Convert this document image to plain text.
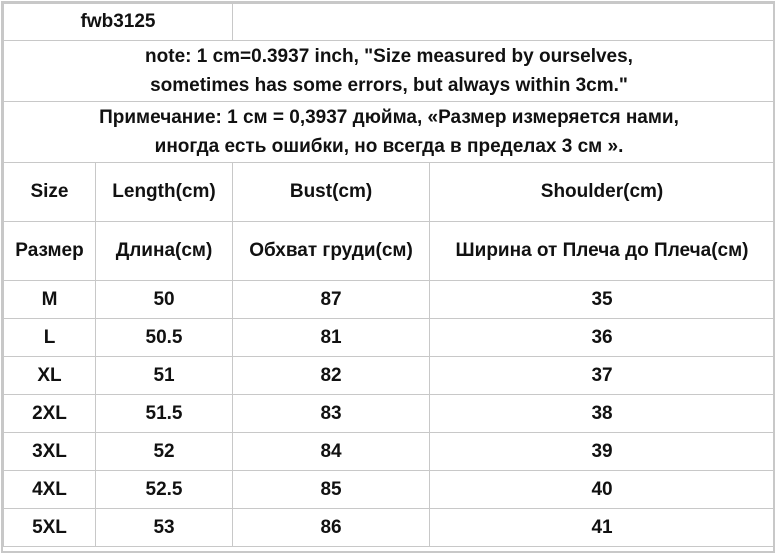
fwb3125			

note: 1 cm=0.3937 inch, "Size measured by ourselves,
sometimes has some errors, but always within 3cm."			

Примечание: 1 см = 0,3937 дюйма, «Размер измеряется нами,
иногда есть ошибки, но всегда в пределах 3 см ».			

Size	Length(cm)	Bust(cm)	Shoulder(cm)
Размер	Длина(см)	Обхват груди(см)	Ширина от Плеча до Плеча(см)
M	50	87	35
L	50.5	81	36
XL	51	82	37
2XL	51.5	83	38
3XL	52	84	39
4XL	52.5	85	40
5XL	53	86	41
